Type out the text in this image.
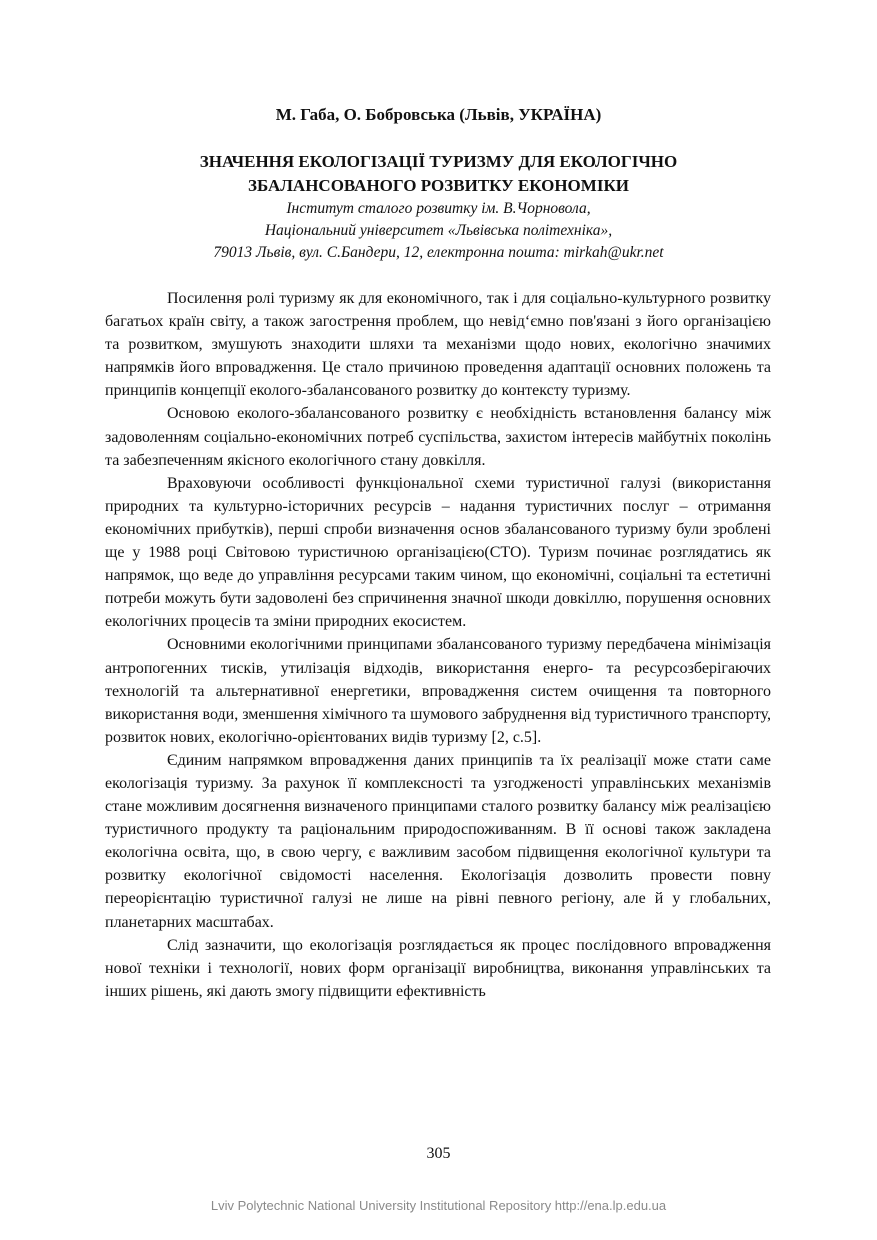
М. Габа, О. Бобровська (Львів, УКРАЇНА)
ЗНАЧЕННЯ ЕКОЛОГІЗАЦІЇ ТУРИЗМУ ДЛЯ ЕКОЛОГІЧНО
ЗБАЛАНСОВАНОГО РОЗВИТКУ ЕКОНОМІКИ
Інститут сталого розвитку ім. В.Чорновола,
Національний університет «Львівська політехніка»,
79013 Львів, вул. С.Бандери, 12, електронна пошта: mirkah@ukr.net

Посилення ролі туризму як для економічного, так і для соціально-культурного розвитку багатьох країн світу, а також загострення проблем, що невід‘ємно пов'язані з його організацією та розвитком, змушують знаходити шляхи та механізми щодо нових, екологічно значимих напрямків його впровадження. Це стало причиною проведення адаптації основних положень та принципів концепції еколого-збалансованого розвитку до контексту туризму.

Основою еколого-збалансованого розвитку є необхідність встановлення балансу між задоволенням соціально-економічних потреб суспільства, захистом інтересів майбутніх поколінь та забезпеченням якісного екологічного стану довкілля.

Враховуючи особливості функціональної схеми туристичної галузі (використання природних та культурно-історичних ресурсів – надання туристичних послуг – отримання економічних прибутків), перші спроби визначення основ збалансованого туризму були зроблені ще у 1988 році Світовою туристичною організацією(СТО). Туризм починає розглядатись як напрямок, що веде до управління ресурсами таким чином, що економічні, соціальні та естетичні потреби можуть бути задоволені без спричинення значної шкоди довкіллю, порушення основних екологічних процесів та зміни природних екосистем.

Основними екологічними принципами збалансованого туризму передбачена мінімізація антропогенних тисків, утилізація відходів, використання енерго- та ресурсозберігаючих технологій та альтернативної енергетики, впровадження систем очищення та повторного використання води, зменшення хімічного та шумового забруднення від туристичного транспорту, розвиток нових, екологічно-орієнтованих видів туризму [2, с.5].

Єдиним напрямком впровадження даних принципів та їх реалізації може стати саме екологізація туризму. За рахунок її комплексності та узгодженості управлінських механізмів стане можливим досягнення визначеного принципами сталого розвитку балансу між реалізацією туристичного продукту та раціональним природоспоживанням. В її основі також закладена екологічна освіта, що, в свою чергу, є важливим засобом підвищення екологічної культури та розвитку екологічної свідомості населення. Екологізація дозволить провести повну переорієнтацію туристичної галузі не лише на рівні певного регіону, але й у глобальних, планетарних масштабах.

Слід зазначити, що екологізація розглядається як процес послідовного впровадження нової техніки і технології, нових форм організації виробництва, виконання управлінських та інших рішень, які дають змогу підвищити ефективність

305
Lviv Polytechnic National University Institutional Repository http://ena.lp.edu.ua
